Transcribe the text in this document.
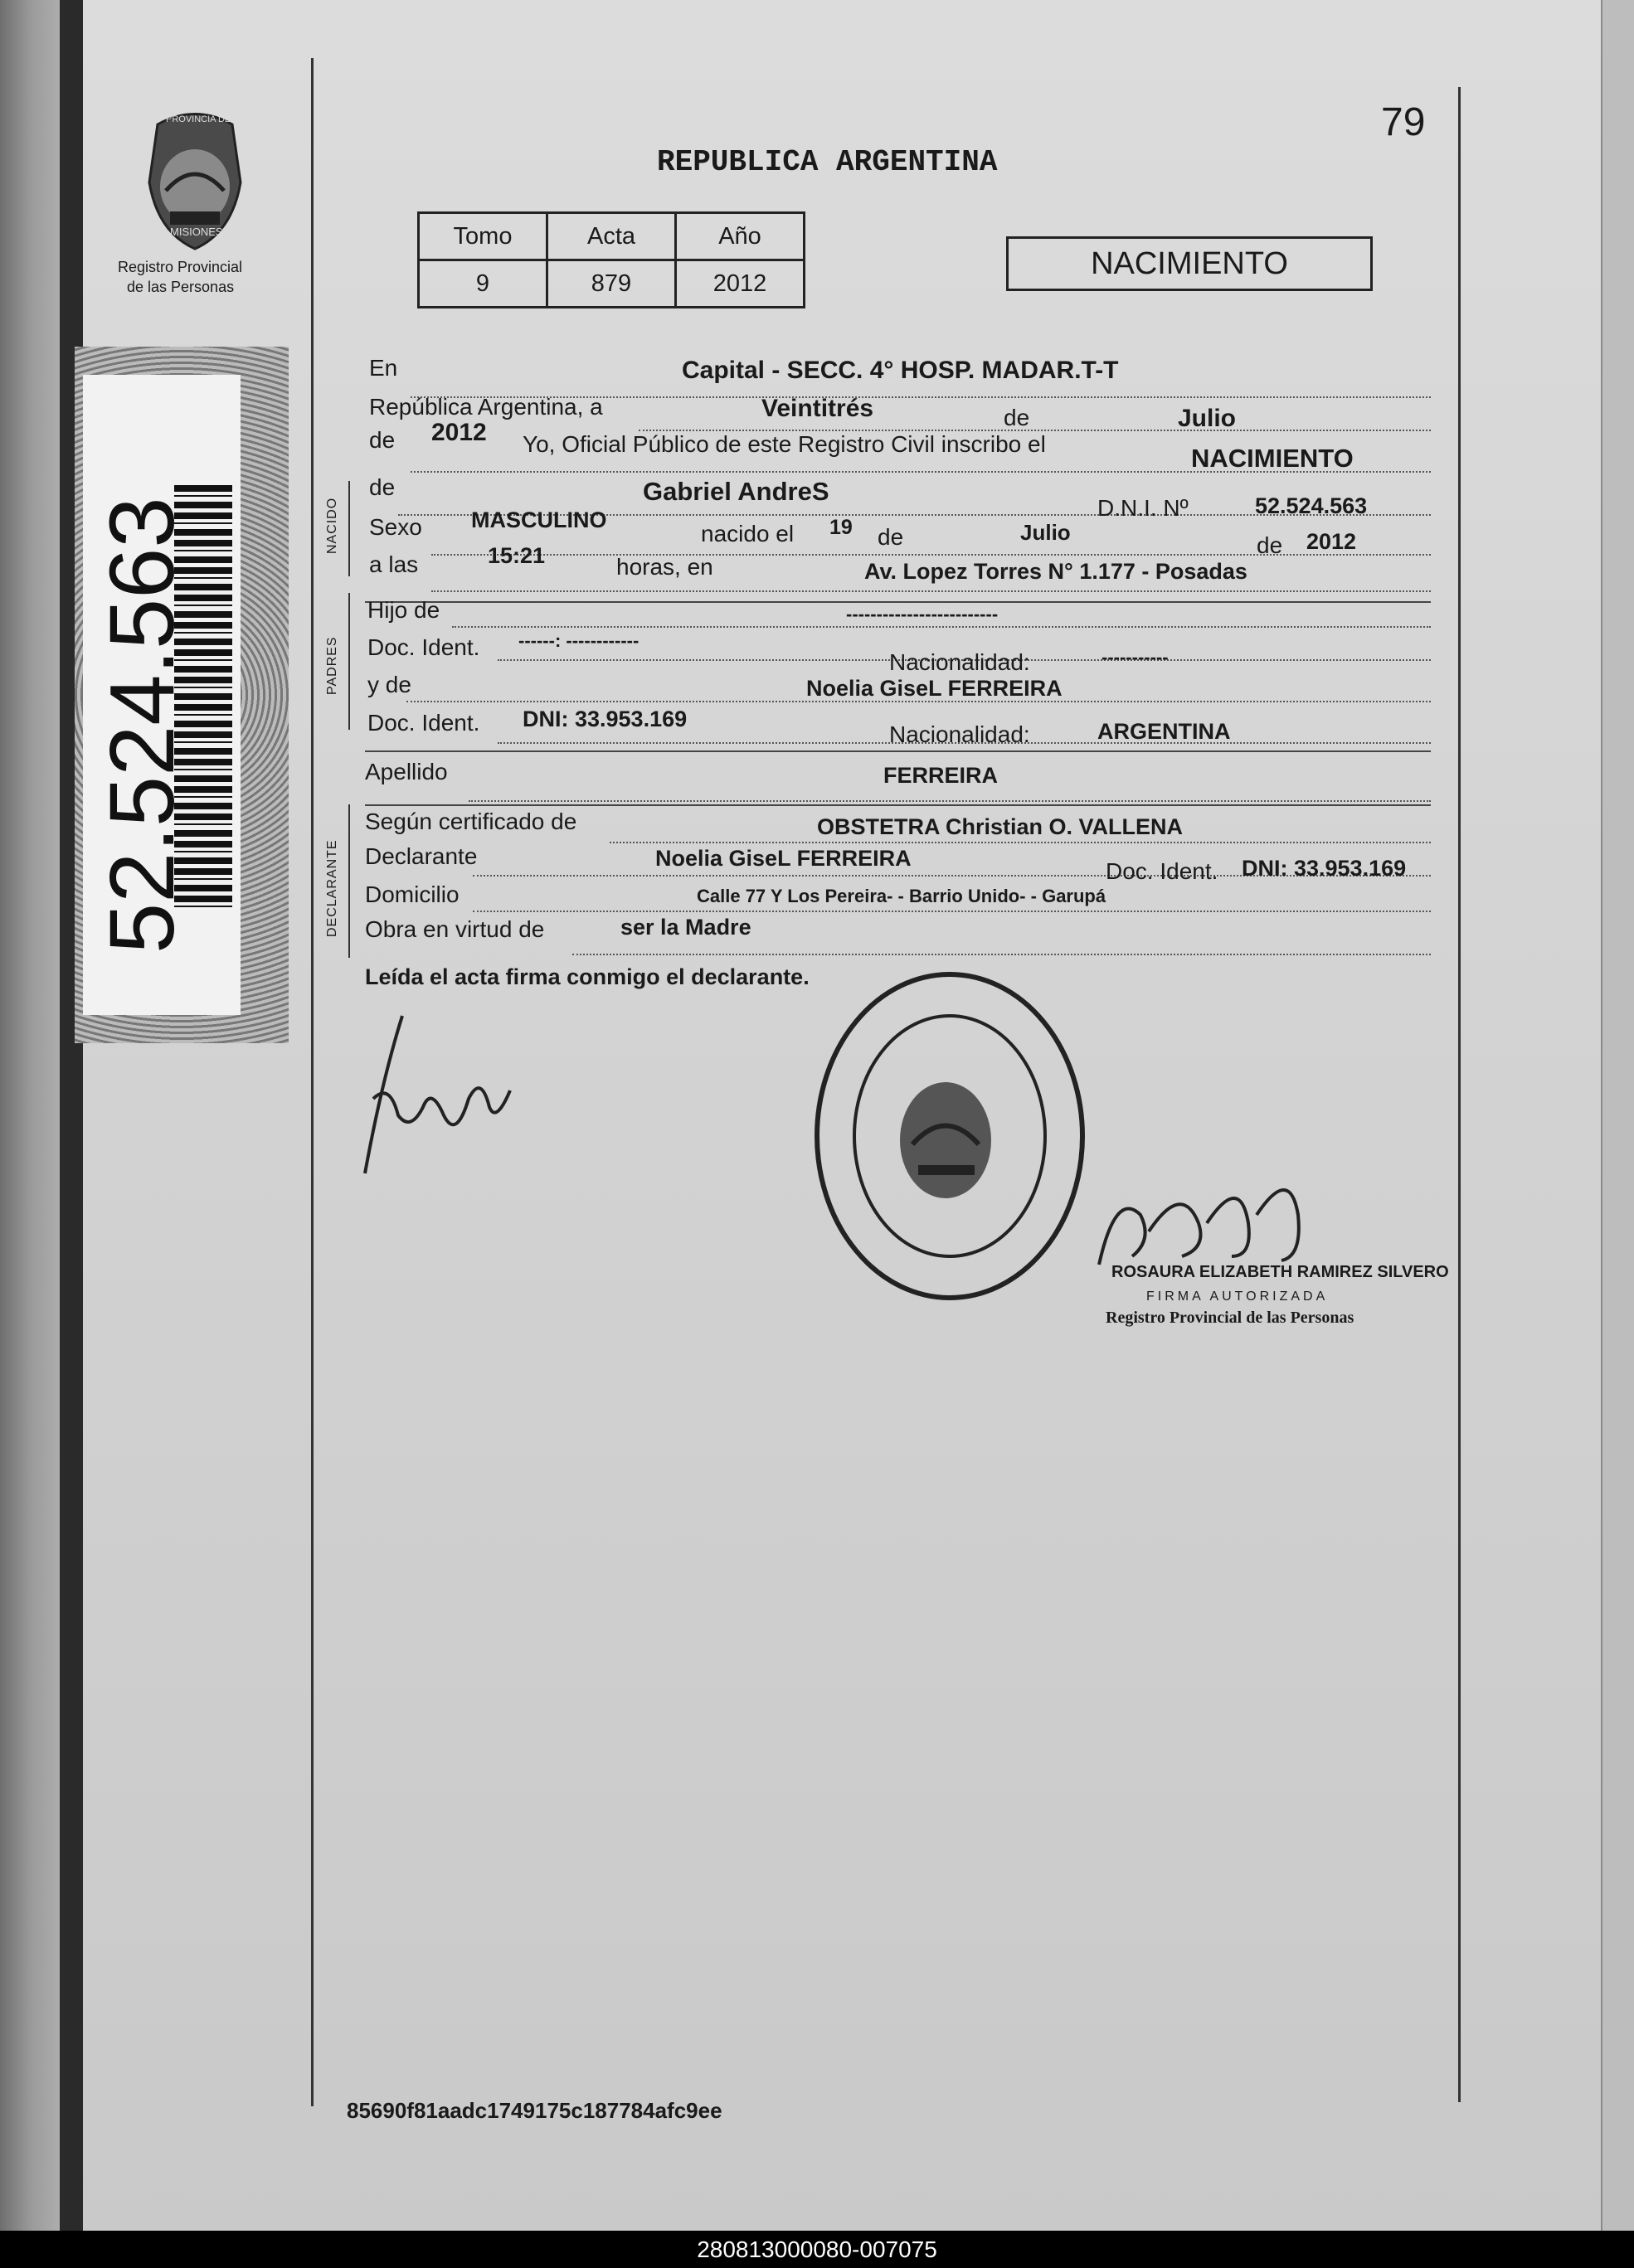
PROVINCIA DE
MISIONES
Registro Provincial
de las Personas
52.524.563
79
REPUBLICA ARGENTINA
Tomo	Acta	Año
9	879	2012
NACIMIENTO
NACIDO
PADRES
DECLARANTE
En	Capital - SECC. 4° HOSP. MADAR.T-T
República Argentina, a	Veintitrés	de	Julio
de 2012 Yo, Oficial Público de este Registro Civil inscribo el	NACIMIENTO
de	Gabriel AndreS
D.N.I. Nº	52.524.563
Sexo MASCULINO
nacido el 19 de	Julio	de 2012
a las	15:21	horas, en	Av. Lopez Torres N° 1.177 - Posadas
Hijo de	-------------------------
Doc. Ident. ------: ------------
Nacionalidad:	-----------
y de	Noelia GiseL FERREIRA
Doc. Ident. DNI: 33.953.169
Nacionalidad:	ARGENTINA
Apellido	FERREIRA
Según certificado de	OBSTETRA Christian O. VALLENA
Declarante	Noelia GiseL FERREIRA	Doc. Ident. DNI: 33.953.169
Domicilio	Calle 77 Y Los Pereira- - Barrio Unido- - Garupá
Obra en virtud de	ser la Madre
Leída el acta firma conmigo el declarante.
ROSAURA ELIZABETH RAMIREZ SILVERO
FIRMA AUTORIZADA
Registro Provincial de las Personas
85690f81aadc1749175c187784afc9ee
280813000080-007075
